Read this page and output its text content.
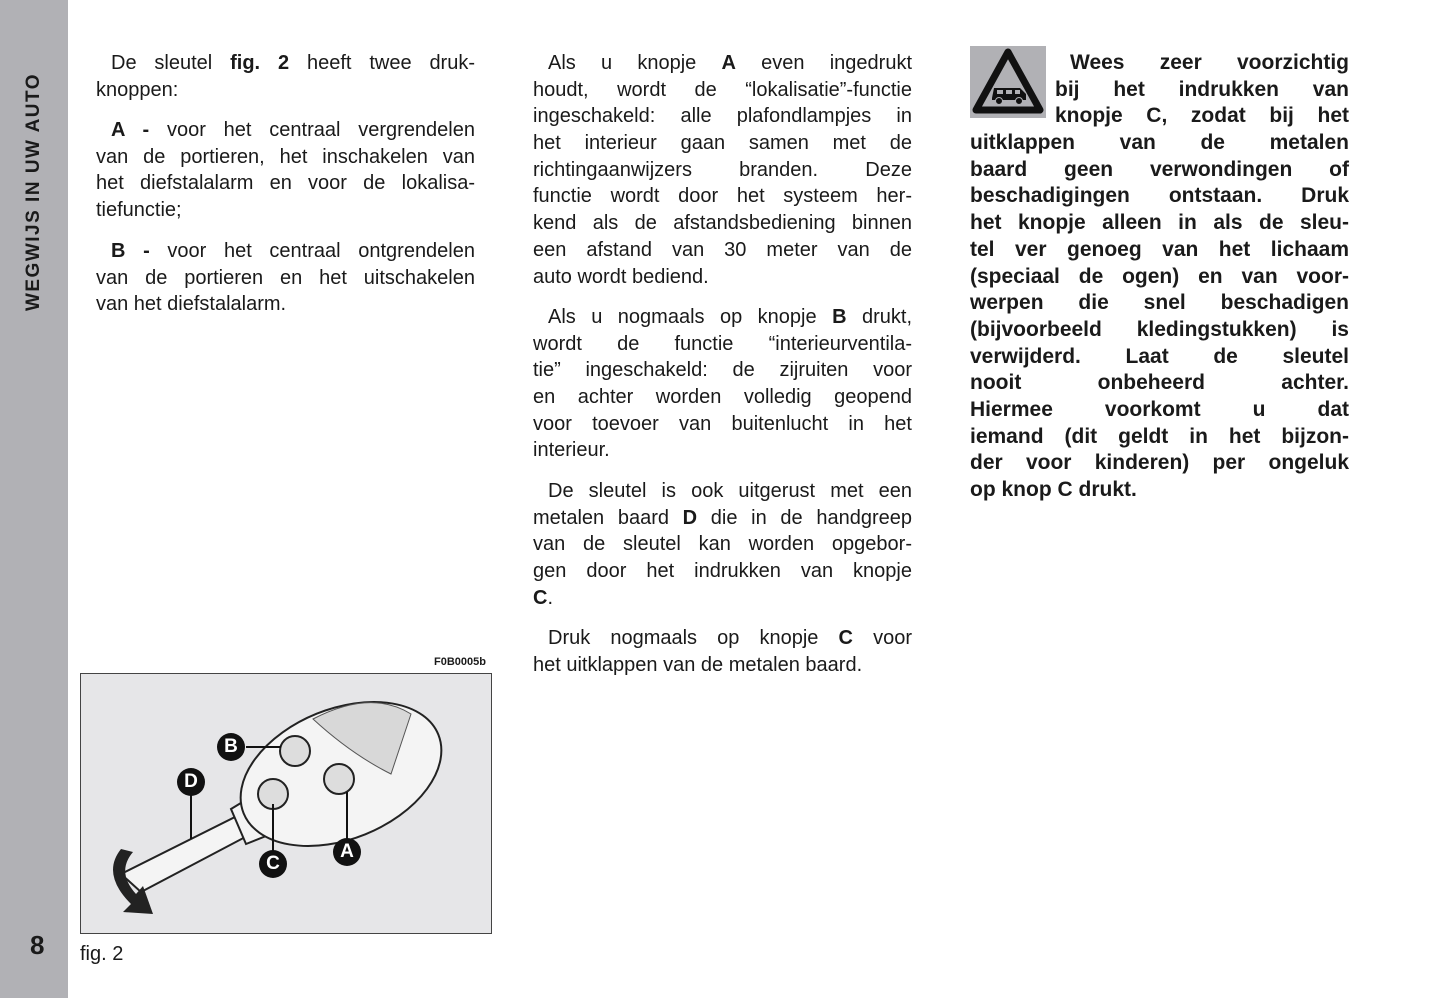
WEGWIJS IN UW AUTO
8
De sleutel fig. 2 heeft twee druk-
knoppen:
A - voor het centraal vergrendelen
van de portieren, het inschakelen van
het diefstalalarm en voor de lokalisa-
tiefunctie;
B - voor het centraal ontgrendelen
van de portieren en het uitschakelen
van het diefstalalarm.
Als u knopje A even ingedrukt
houdt, wordt de “lokalisatie”-functie
ingeschakeld: alle plafondlampjes in
het interieur gaan samen met de
richtingaanwijzers branden. Deze
functie wordt door het systeem her-
kend als de afstandsbediening binnen
een afstand van 30 meter van de
auto wordt bediend.
Als u nogmaals op knopje B drukt,
wordt de functie “interieurventila-
tie” ingeschakeld: de zijruiten voor
en achter worden volledig geopend
voor toevoer van buitenlucht in het
interieur.
De sleutel is ook uitgerust met een
metalen baard D die in de handgreep
van de sleutel kan worden opgebor-
gen door het indrukken van knopje
C.
Druk nogmaals op knopje C voor
het uitklappen van de metalen baard.
Wees zeer voorzichtig
bij het indrukken van
knopje C, zodat bij het
uitklappen van de metalen
baard geen verwondingen of
beschadigingen ontstaan. Druk
het knopje alleen in als de sleu-
tel ver genoeg van het lichaam
(speciaal de ogen) en van voor-
werpen die snel beschadigen
(bijvoorbeeld kledingstukken) is
verwijderd. Laat de sleutel
nooit onbeheerd achter.
Hiermee voorkomt u dat
iemand (dit geldt in het bijzon-
der voor kinderen) per ongeluk
op knop C drukt.
F0B0005b
A
B
C
D
fig. 2
